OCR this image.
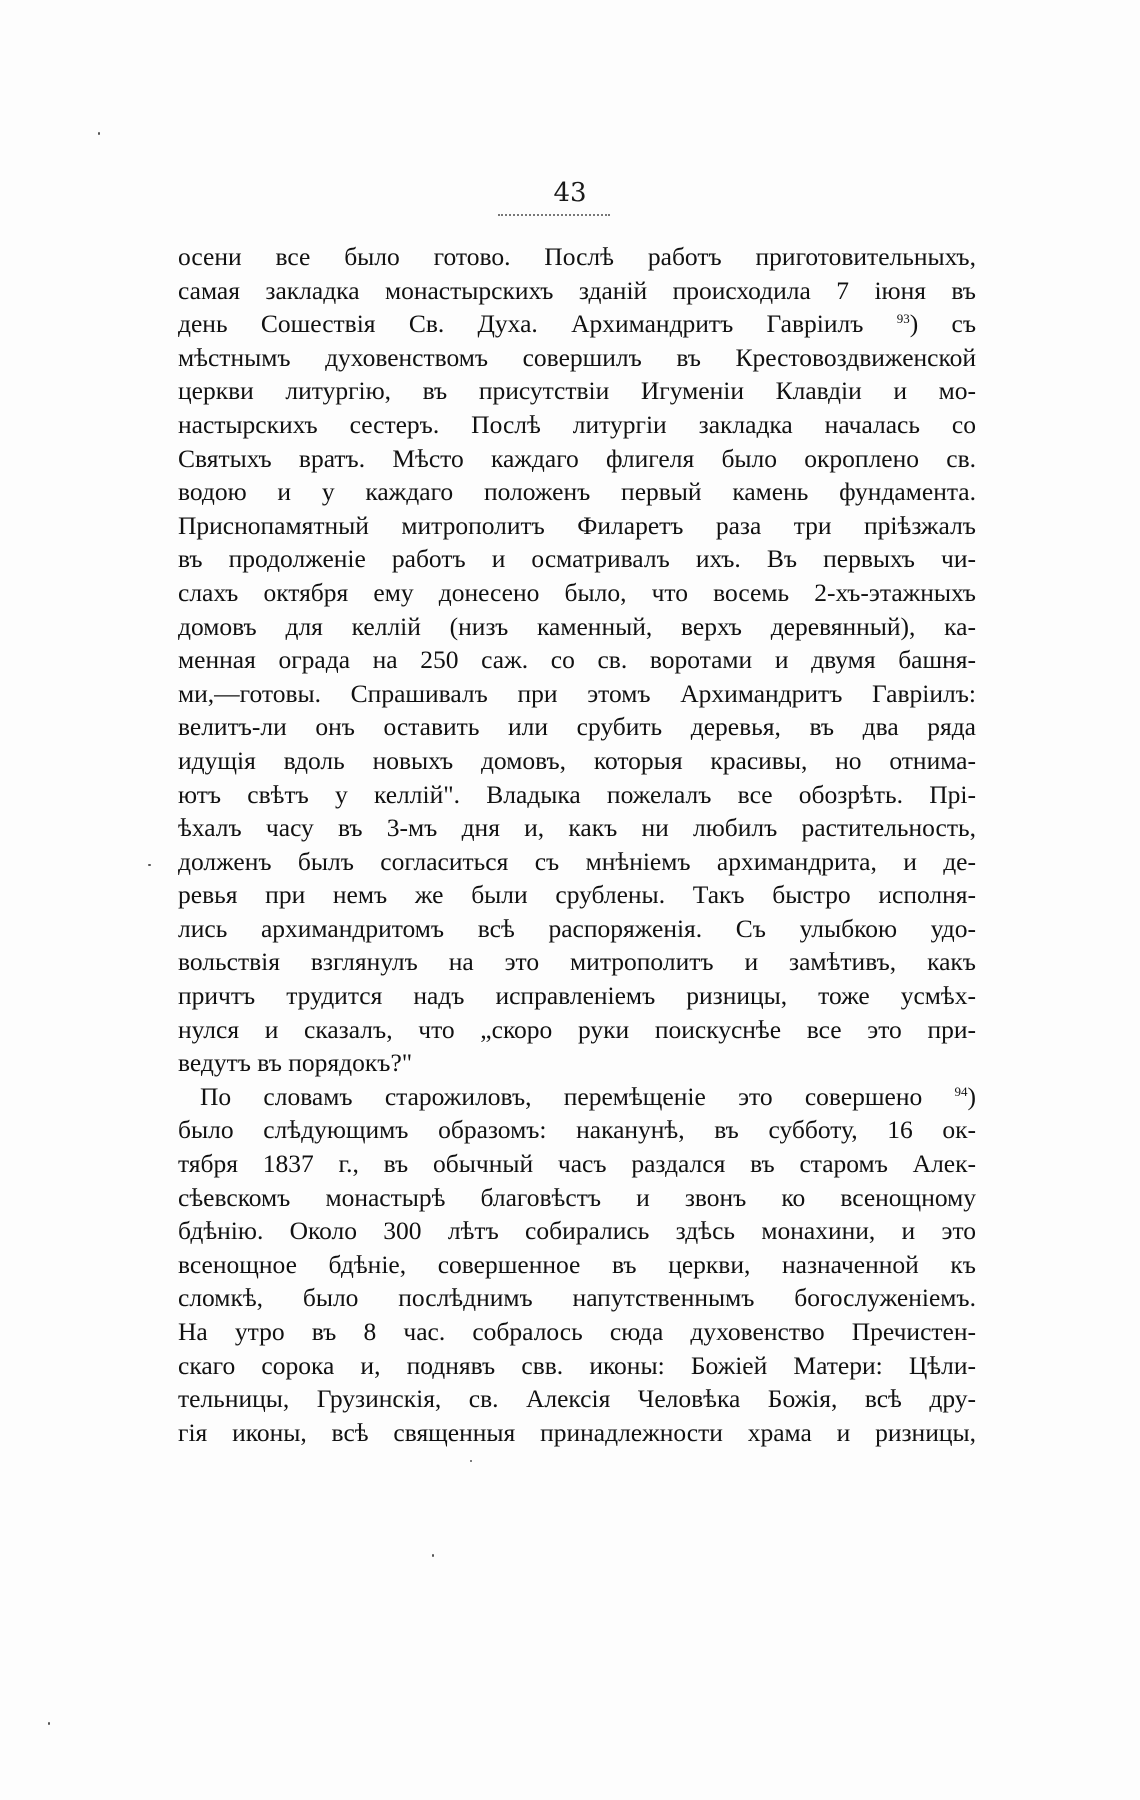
43
осени все было готово. Послѣ работъ приготовительныхъ,
самая закладка монастырскихъ зданій происходила 7 іюня въ
день Сошествія Св. Духа. Архимандритъ Гавріилъ	$^{93}$) съ
мѣстнымъ духовенствомъ совершилъ въ Крестовоздвиженской
церкви литургію, въ присутствіи Игуменіи Клавдіи и мо-
настырскихъ сестеръ. Послѣ литургіи закладка началась со
Святыхъ вратъ. Мѣсто каждаго флигеля было окроплено св.
водою и у каждаго положенъ первый камень фундамента.
Приснопамятный митрополитъ Филаретъ раза три пріѣзжалъ
въ продолженіе работъ и осматривалъ ихъ. Въ первыхъ чи-
слахъ октября ему донесено было, что восемь 2-хъ-этажныхъ
домовъ для келлій (низъ каменный, верхъ деревянный), ка-
менная ограда на 250 саж. со св. воротами и двумя башня-
ми,—готовы. Спрашивалъ при этомъ Архимандритъ Гавріилъ:
велитъ-ли онъ оставить или срубить деревья, въ два ряда
идущія вдоль новыхъ домовъ, которыя красивы, но отнима-
ютъ свѣтъ у келлій". Владыка пожелалъ все обозрѣть. Прі-
ѣхалъ часу въ 3-мъ дня и, какъ ни любилъ растительность,
долженъ былъ согласиться съ мнѣніемъ архимандрита, и де-
ревья при немъ же были срублены. Такъ быстро исполня-
лись архимандритомъ всѣ распоряженія. Съ улыбкою удо-
вольствія взглянулъ на это митрополитъ и замѣтивъ, какъ
причтъ трудится надъ исправленіемъ ризницы, тоже усмѣх-
нулся и сказалъ, что „скоро руки поискуснѣе все это при-
ведутъ въ порядокъ?"
По словамъ старожиловъ, перемѣщеніе это совершено $^{94}$)
было слѣдующимъ образомъ: наканунѣ, въ субботу, 16 ок-
тября 1837 г., въ обычный часъ раздался въ старомъ Алек-
сѣевскомъ монастырѣ благовѣстъ и звонъ ко всенощному
бдѣнію. Около 300 лѣтъ собирались здѣсь монахини, и это
всенощное бдѣніе, совершенное въ церкви, назначенной къ
сломкѣ, было послѣднимъ напутственнымъ богослуженіемъ.
На утро въ 8 час. собралось сюда духовенство Пречистен-
скаго сорока и, поднявъ свв. иконы: Божіей Матери: Цѣли-
тельницы, Грузинскія, св. Алексія Человѣка Божія, всѣ дру-
гія иконы, всѣ священныя принадлежности храма и ризницы,
